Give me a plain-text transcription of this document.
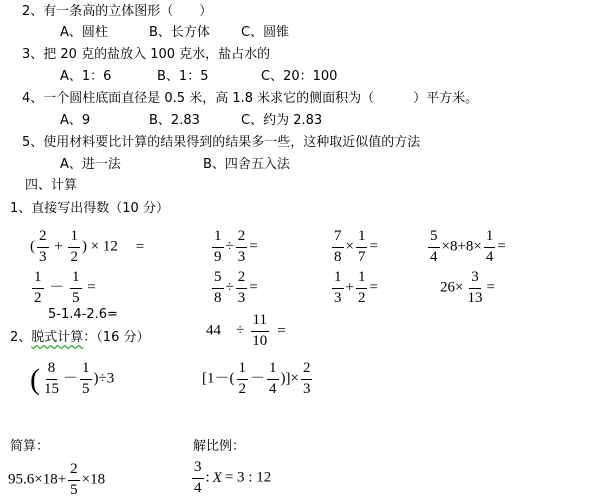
2、有一条高的立体图形（　　）
A、圆柱	B、长方体 C、圆锥
3、把 20 克的盐放入 100 克水，盐占水的
A、1：6	B、1：5	C、20：100
4、一个圆柱底面直径是 0.5 米，高 1.8 米求它的侧面积为（　　　）平方米。
A、9	B、2.83	C、约为 2.83
5、使用材料要比计算的结果得到的结果多一些，这种取近似值的方法
A、进一法	B、四舍五入法
四、计算
1、直接写出得数（10 分）
( $\frac{2}{3} + \frac{1}{2}$ ) × 12 =	$\frac{1}{9} \div \frac{2}{3}$ =	$\frac{7}{8} \times \frac{1}{7}$ =	$\frac{5}{4} \times 8+8\times \frac{1}{4}$ =
$\frac{1}{2} - \frac{1}{5}$ =	$\frac{5}{8} \div \frac{2}{3}$ =	$\frac{1}{3} + \frac{1}{2}$ =	$26\times \frac{3}{13}$ =
5-1.4-2.6=
44　÷ $\frac{11}{10}$ =
2、脱式计算：（16 分）
( $\frac{8}{15} - \frac{1}{5} )\div 3$	[$1-( \frac{1}{2} - \frac{1}{4}$ )]× $\frac{2}{3}$
简算：	解比例：
$95.6\times 18+ \frac{2}{5} \times 18$	$\frac{3}{4}$ : X = 3 : 12
